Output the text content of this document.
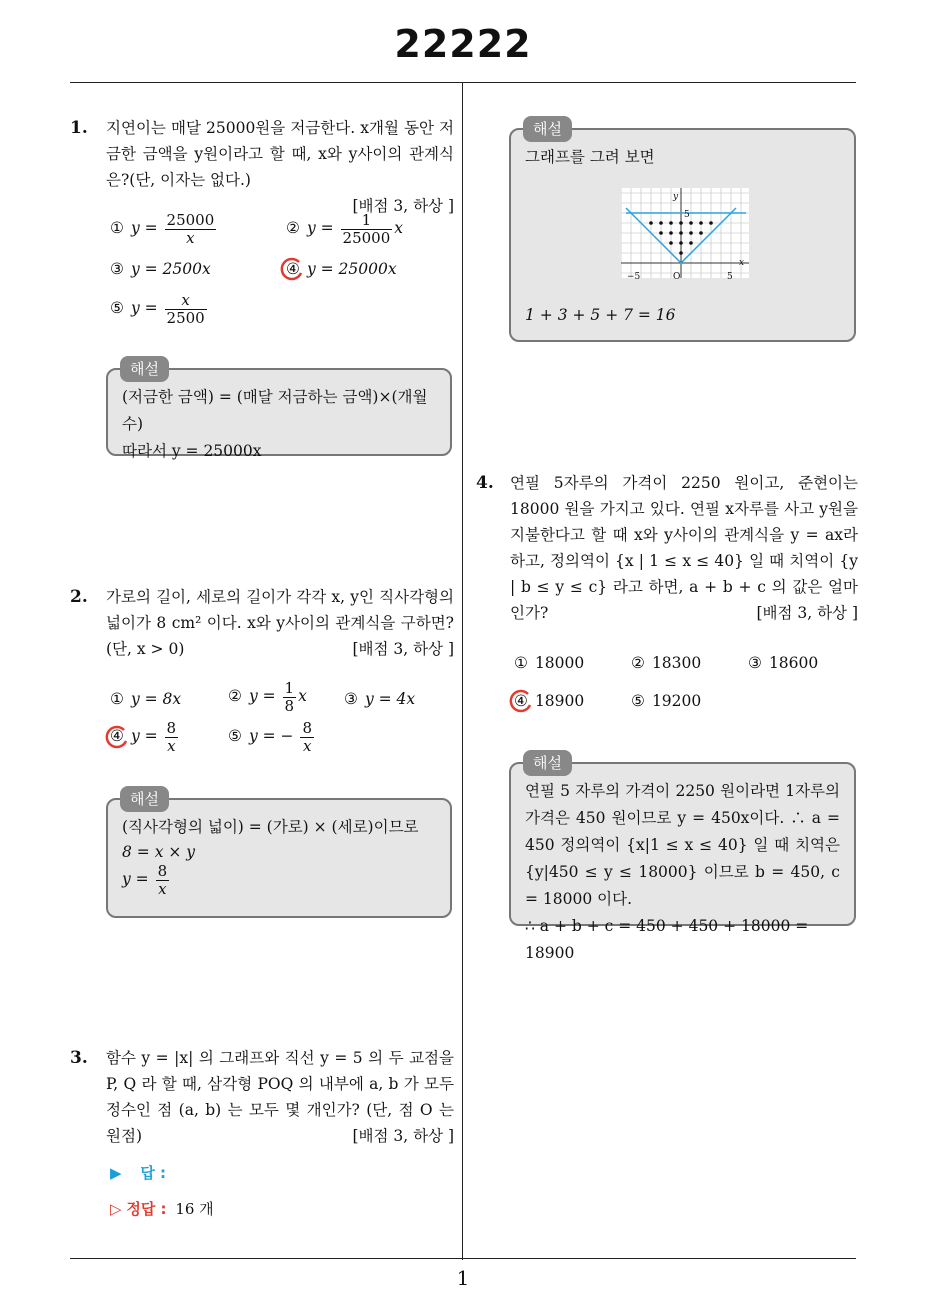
22222
1
1. 지연이는 매달 25000원을 저금한다. x개월 동안 저금한 금액을 y원이라고 할 때, x와 y사이의 관계식은?(단, 이자는 없다.)
[배점 3, 하상 ]
① $y = \frac{25000}{x}$	② $y = \frac{1}{25000}$ x
③ y = 2500x	④ y = 25000x
⑤ $y = \frac{x}{2500}$
해설
(저금한 금액) = (매달 저금하는 금액)×(개월 수)
따라서 y = 25000x
2. 가로의 길이, 세로의 길이가 각각 x, y인 직사각형의 넓이가 8 cm² 이다. x와 y사이의 관계식을 구하면? (단, x > 0)	[배점 3, 하상 ]
① y = 8x	② $y = \frac{1}{8}$ x ③ y = 4x
④ $y = \frac{8}{x}$	⑤ y = − $\frac{8}{x}$
해설
(직사각형의 넓이) = (가로) × (세로)이므로
8 = x × y
$y = \frac{8}{x}$
3. 함수 y = |x| 의 그래프와 직선 y = 5 의 두 교점을 P, Q 라 할 때, 삼각형 POQ 의 내부에 a, b 가 모두 정수인 점 (a, b) 는 모두 몇 개인가? (단, 점 O 는 원점)	[배점 3, 하상 ]
▶ 답 :
▷ 정답 : 16 개
해설
그래프를 그려 보면
y
5
x
−5	O	5
1 + 3 + 5 + 7 = 16
4. 연필 5자루의 가격이 2250 원이고, 준현이는 18000 원을 가지고 있다. 연필 x자루를 사고 y원을 지불한다고 할 때 x와 y사이의 관계식을 y = ax라 하고, 정의역이 {x | 1 ≤ x ≤ 40} 일 때 치역이 {y | b ≤ y ≤ c} 라고 하면, a + b + c 의 값은 얼마인가?	[배점 3, 하상 ]
① 18000	② 18300	③ 18600
④ 18900	⑤ 19200
해설
연필 5 자루의 가격이 2250 원이라면 1자루의 가격은 450 원이므로 y = 450x이다. ∴ a = 450 정의역이 {x|1 ≤ x ≤ 40} 일 때 치역은 {y|450 ≤ y ≤ 18000} 이므로 b = 450, c = 18000 이다.
∴ a + b + c = 450 + 450 + 18000 = 18900
